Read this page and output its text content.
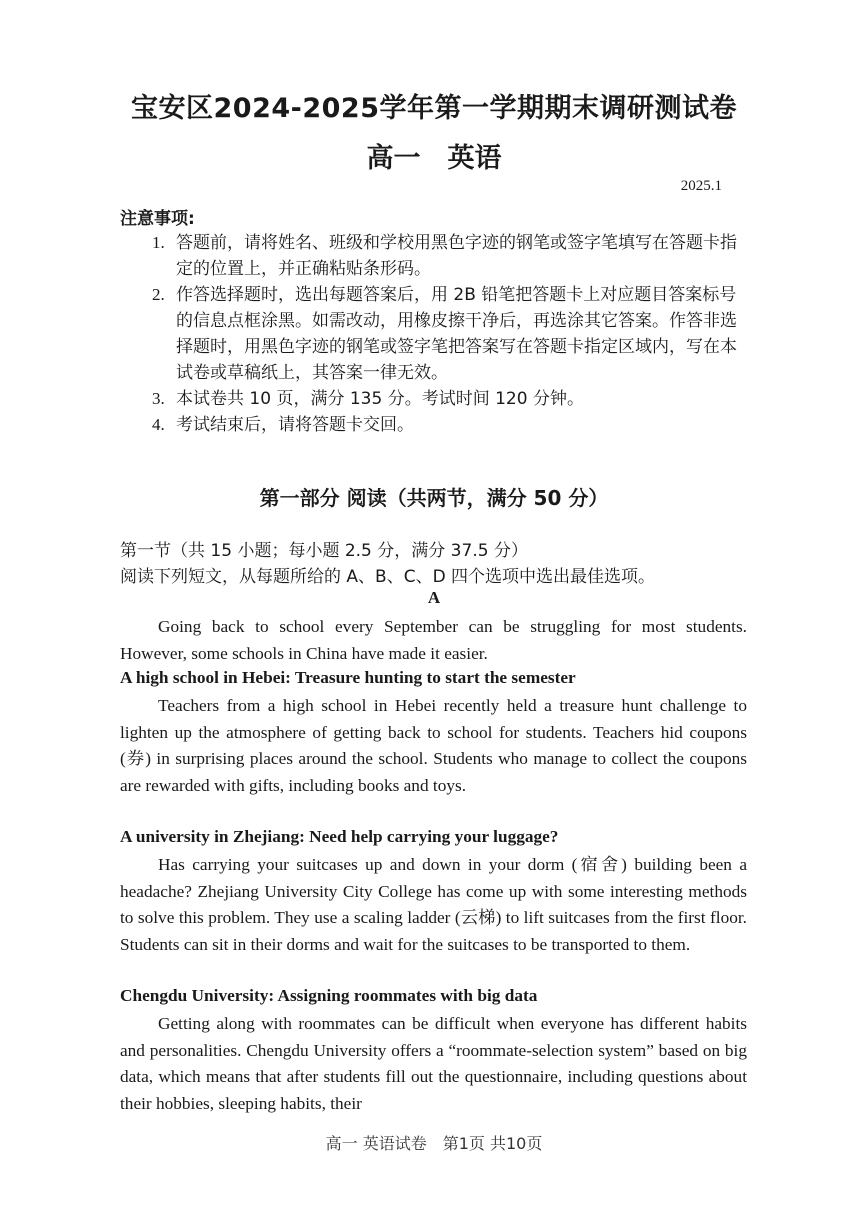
宝安区2024-2025学年第一学期期末调研测试卷
高一　英语
2025.1
注意事项:
1. 答题前，请将姓名、班级和学校用黑色字迹的钢笔或签字笔填写在答题卡指定的位置上，并正确粘贴条形码。
2. 作答选择题时，选出每题答案后，用 2B 铅笔把答题卡上对应题目答案标号的信息点框涂黑。如需改动，用橡皮擦干净后，再选涂其它答案。作答非选择题时，用黑色字迹的钢笔或签字笔把答案写在答题卡指定区域内，写在本试卷或草稿纸上，其答案一律无效。
3. 本试卷共 10 页，满分 135 分。考试时间 120 分钟。
4. 考试结束后，请将答题卡交回。
第一部分 阅读（共两节，满分 50 分）
第一节（共 15 小题；每小题 2.5 分，满分 37.5 分）
阅读下列短文，从每题所给的 A、B、C、D 四个选项中选出最佳选项。
A

Going back to school every September can be struggling for most students. However, some schools in China have made it easier.

A high school in Hebei: Treasure hunting to start the semester

Teachers from a high school in Hebei recently held a treasure hunt challenge to lighten up the atmosphere of getting back to school for students. Teachers hid coupons (券) in surprising places around the school. Students who manage to collect the coupons are rewarded with gifts, including books and toys.

A university in Zhejiang: Need help carrying your luggage?

Has carrying your suitcases up and down in your dorm (宿舍) building been a headache? Zhejiang University City College has come up with some interesting methods to solve this problem. They use a scaling ladder (云梯) to lift suitcases from the first floor. Students can sit in their dorms and wait for the suitcases to be transported to them.

Chengdu University: Assigning roommates with big data

Getting along with roommates can be difficult when everyone has different habits and personalities. Chengdu University offers a “roommate-selection system” based on big data, which means that after students fill out the questionnaire, including questions about their hobbies, sleeping habits, their

高一 英语试卷　第1页 共10页
